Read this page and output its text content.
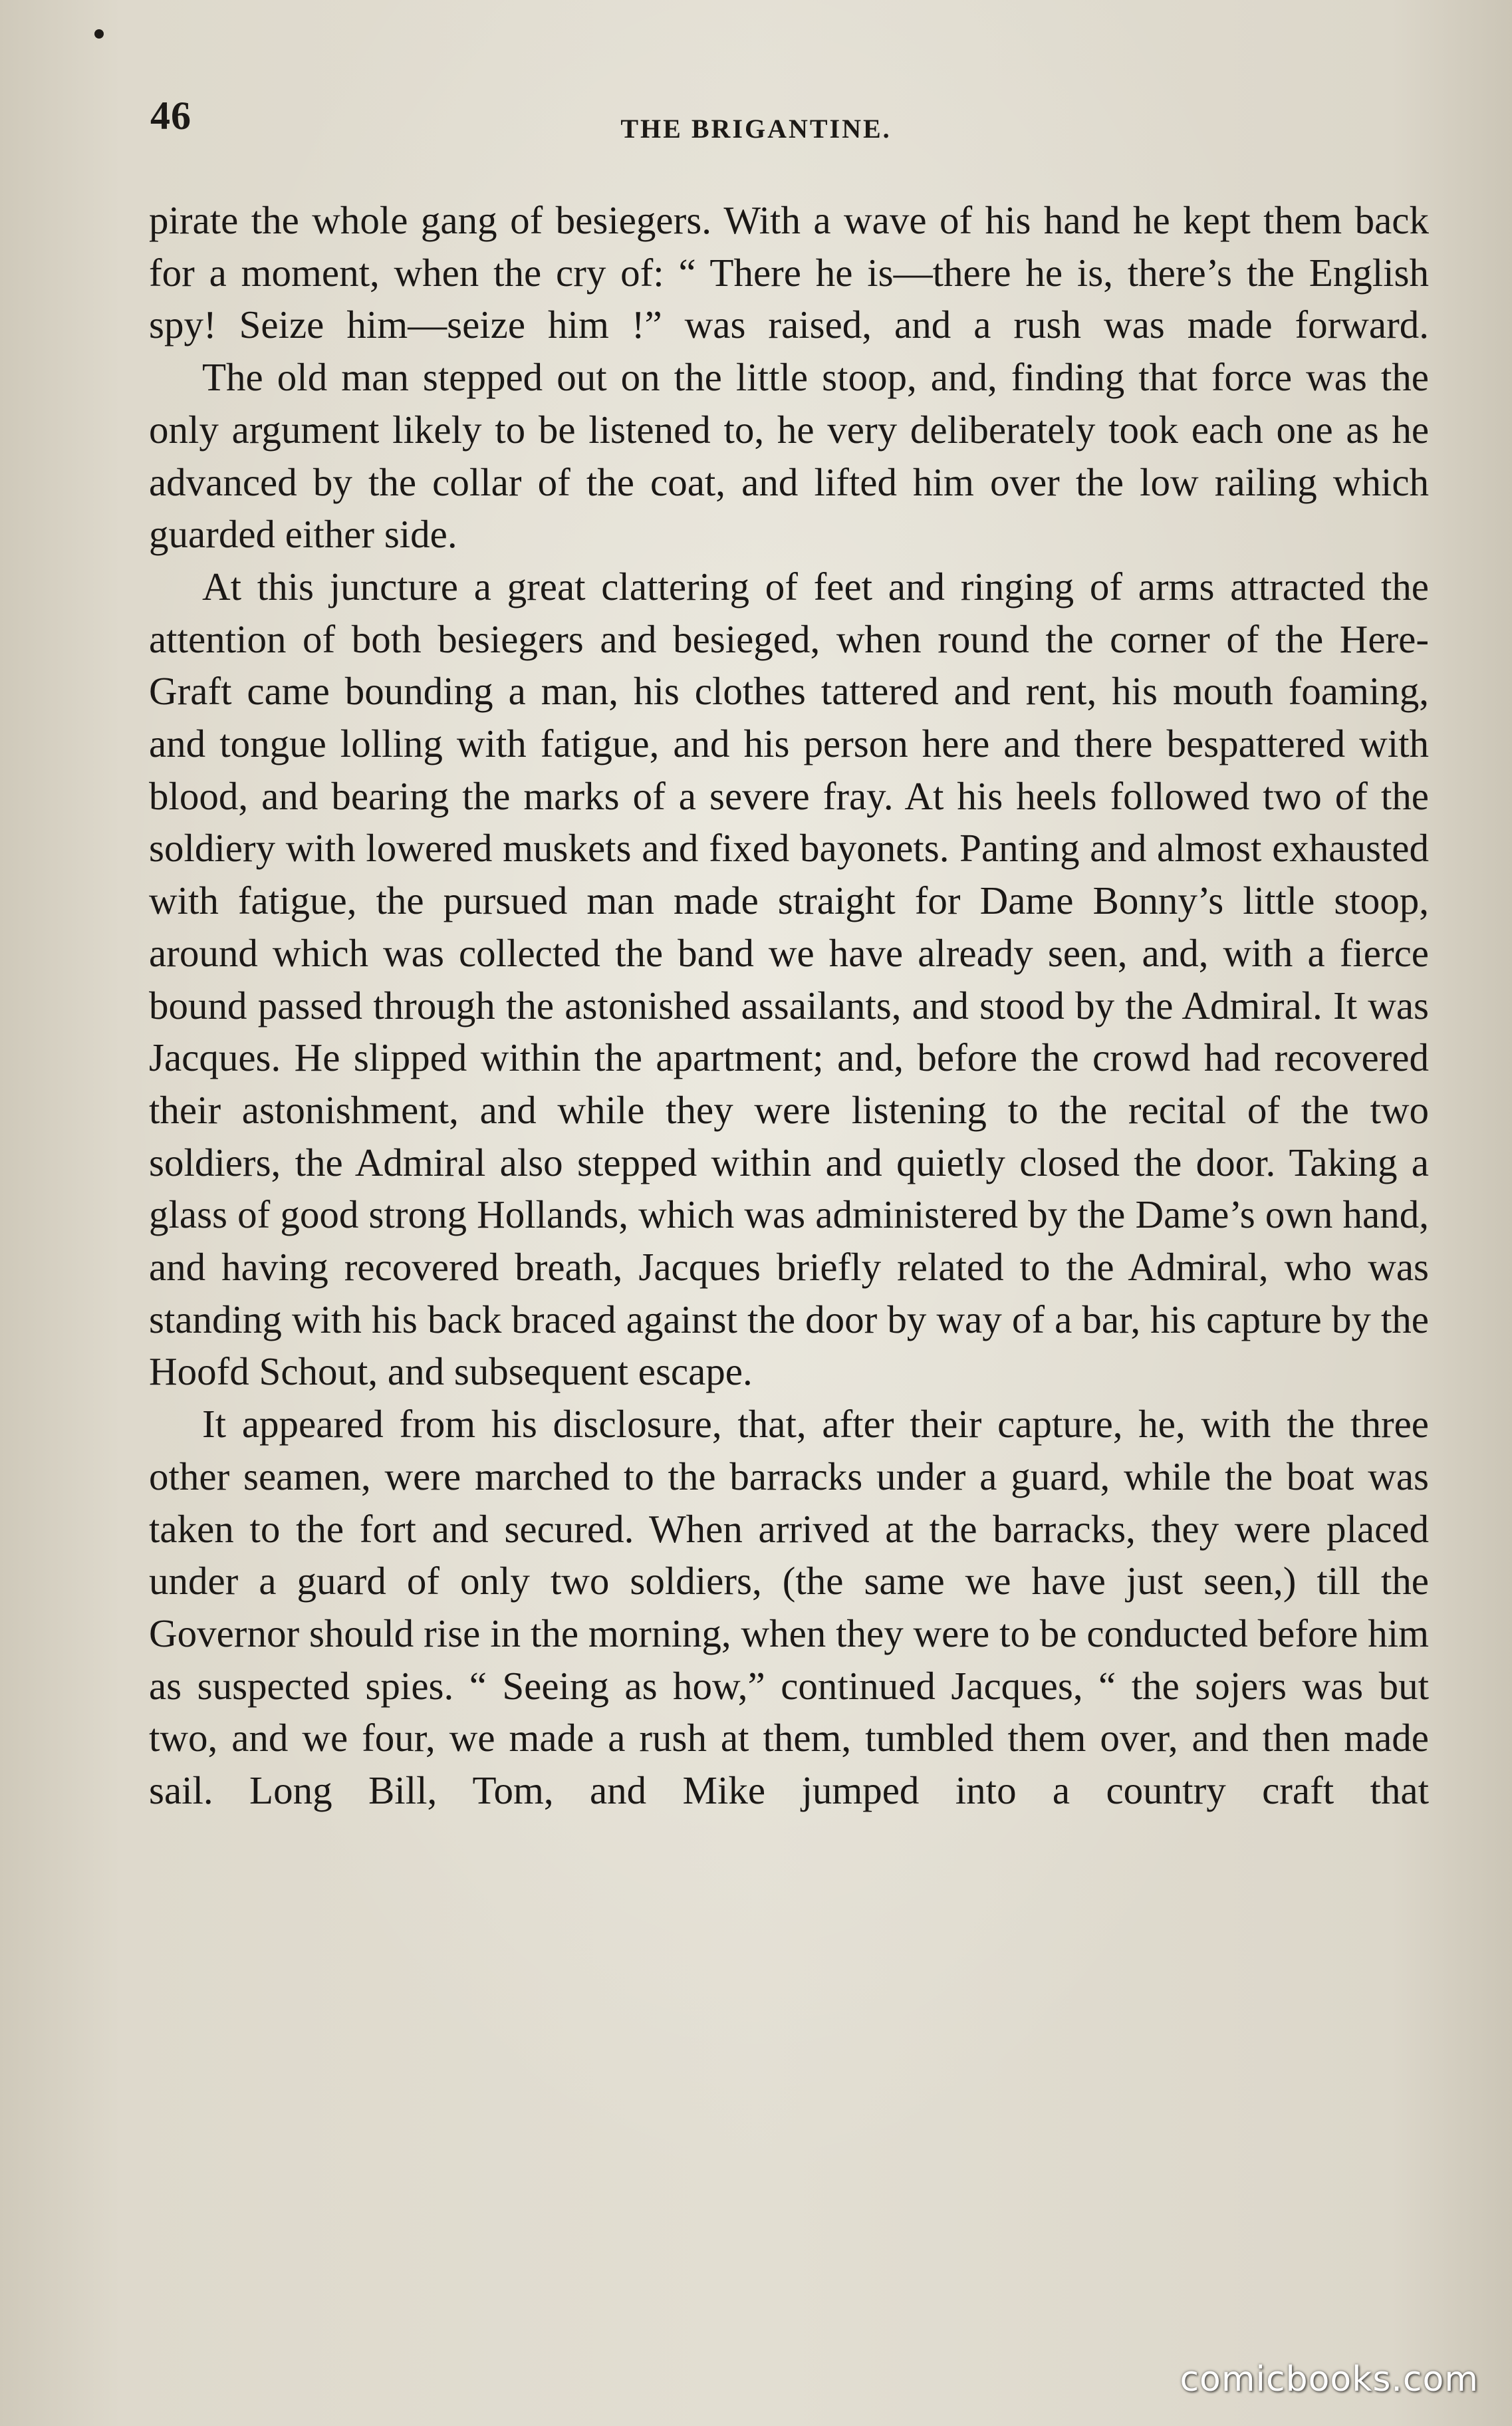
46	THE BRIGANTINE.

pirate the whole gang of besiegers. With a wave of his hand he kept them back for a moment, when the cry of: “ There he is—there he is, there’s the English spy! Seize him—seize him !” was raised, and a rush was made forward.

The old man stepped out on the little stoop, and, finding that force was the only argument likely to be listened to, he very deliberately took each one as he advanced by the collar of the coat, and lifted him over the low railing which guarded either side.

At this juncture a great clattering of feet and ringing of arms attracted the attention of both besiegers and besieged, when round the corner of the Here-Graft came bounding a man, his clothes tattered and rent, his mouth foaming, and tongue lolling with fatigue, and his person here and there bespattered with blood, and bearing the marks of a severe fray. At his heels followed two of the soldiery with lowered muskets and fixed bayonets. Panting and almost exhausted with fatigue, the pursued man made straight for Dame Bonny’s little stoop, around which was collected the band we have already seen, and, with a fierce bound passed through the astonished assailants, and stood by the Admiral. It was Jacques. He slipped within the apartment; and, before the crowd had recovered their astonishment, and while they were listening to the recital of the two soldiers, the Admiral also stepped within and quietly closed the door. Taking a glass of good strong Hollands, which was administered by the Dame’s own hand, and having recovered breath, Jacques briefly related to the Admiral, who was standing with his back braced against the door by way of a bar, his capture by the Hoofd Schout, and subsequent escape.

It appeared from his disclosure, that, after their capture, he, with the three other seamen, were marched to the barracks under a guard, while the boat was taken to the fort and secured. When arrived at the barracks, they were placed under a guard of only two soldiers, (the same we have just seen,) till the Governor should rise in the morning, when they were to be conducted before him as suspected spies. “ Seeing as how,” continued Jacques, “ the sojers was but two, and we four, we made a rush at them, tumbled them over, and then made sail. Long Bill, Tom, and Mike jumped into a country craft that

comicbooks.com
